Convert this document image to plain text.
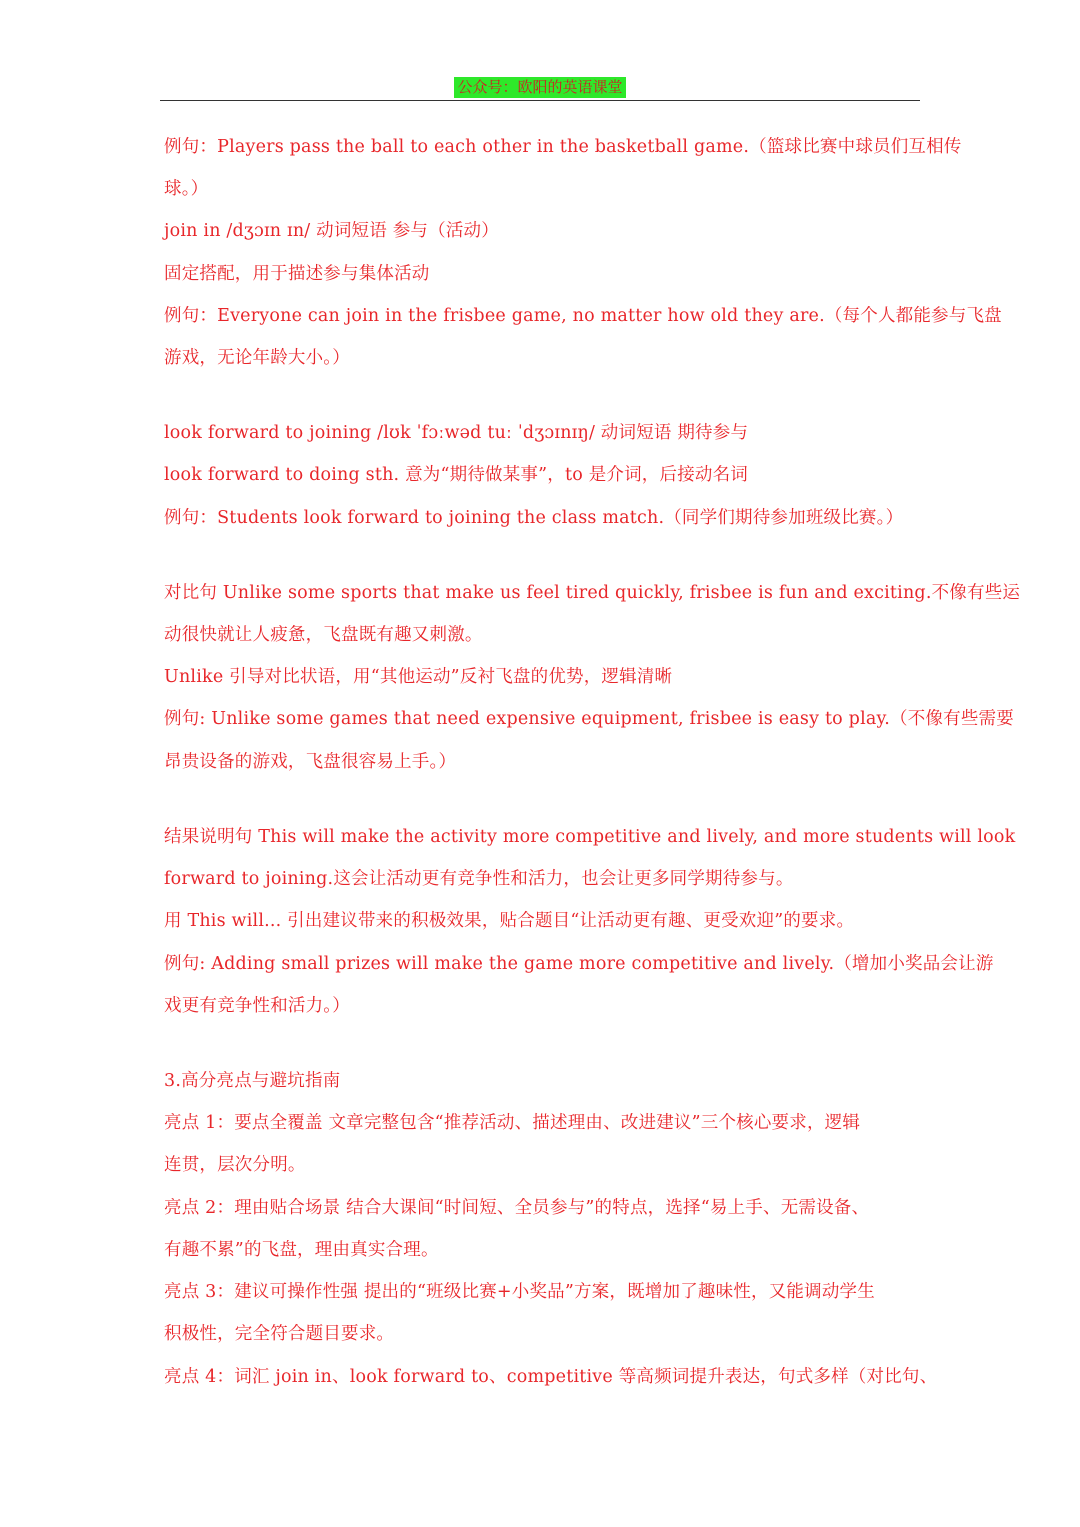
公众号：欧阳的英语课堂
例句：Players pass the ball to each other in the basketball game.（篮球比赛中球员们互相传
球。）
join in /dʒɔɪn ɪn/ 动词短语 参与（活动）
固定搭配，用于描述参与集体活动
例句：Everyone can join in the frisbee game, no matter how old they are.（每个人都能参与飞盘
游戏，无论年龄大小。）
look forward to joining /lʊk ˈfɔːwəd tuː ˈdʒɔɪnɪŋ/ 动词短语 期待参与
look forward to doing sth. 意为“期待做某事”，to 是介词，后接动名词
例句：Students look forward to joining the class match.（同学们期待参加班级比赛。）
对比句 Unlike some sports that make us feel tired quickly, frisbee is fun and exciting.不像有些运
动很快就让人疲惫，飞盘既有趣又刺激。
Unlike 引导对比状语，用“其他运动”反衬飞盘的优势，逻辑清晰
例句: Unlike some games that need expensive equipment, frisbee is easy to play.（不像有些需要
昂贵设备的游戏，飞盘很容易上手。）
结果说明句 This will make the activity more competitive and lively, and more students will look
forward to joining.这会让活动更有竞争性和活力，也会让更多同学期待参与。
用 This will... 引出建议带来的积极效果，贴合题目“让活动更有趣、更受欢迎”的要求。
例句: Adding small prizes will make the game more competitive and lively.（增加小奖品会让游
戏更有竞争性和活力。）
3.高分亮点与避坑指南
亮点 1：要点全覆盖 文章完整包含“推荐活动、描述理由、改进建议”三个核心要求，逻辑
连贯，层次分明。
亮点 2：理由贴合场景 结合大课间“时间短、全员参与”的特点，选择“易上手、无需设备、
有趣不累”的飞盘，理由真实合理。
亮点 3：建议可操作性强 提出的“班级比赛+小奖品”方案，既增加了趣味性，又能调动学生
积极性，完全符合题目要求。
亮点 4：词汇 join in、look forward to、competitive 等高频词提升表达，句式多样（对比句、
